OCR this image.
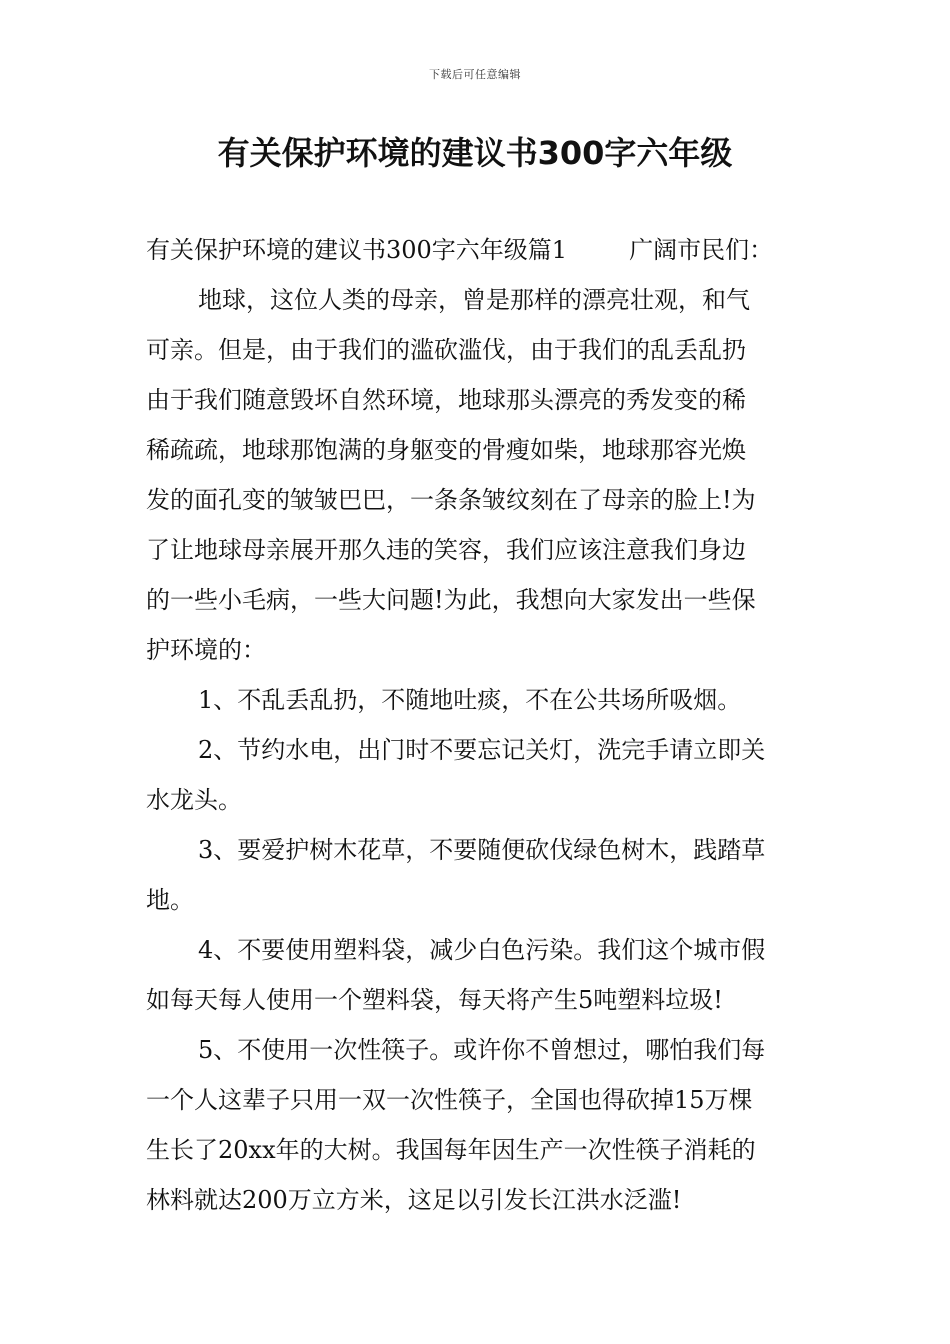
下载后可任意编辑
有关保护环境的建议书300字六年级
有关保护环境的建议书300字六年级篇1	广阔市民们：
地球，这位人类的母亲，曾是那样的漂亮壮观，和气
可亲。但是，由于我们的滥砍滥伐，由于我们的乱丢乱扔
由于我们随意毁坏自然环境，地球那头漂亮的秀发变的稀
稀疏疏，地球那饱满的身躯变的骨瘦如柴，地球那容光焕
发的面孔变的皱皱巴巴，一条条皱纹刻在了母亲的脸上!为
了让地球母亲展开那久违的笑容，我们应该注意我们身边
的一些小毛病，一些大问题!为此，我想向大家发出一些保
护环境的：
1、不乱丢乱扔，不随地吐痰，不在公共场所吸烟。
2、节约水电，出门时不要忘记关灯，洗完手请立即关
水龙头。
3、要爱护树木花草，不要随便砍伐绿色树木，践踏草
地。
4、不要使用塑料袋，减少白色污染。我们这个城市假
如每天每人使用一个塑料袋，每天将产生5吨塑料垃圾!
5、不使用一次性筷子。或许你不曾想过，哪怕我们每
一个人这辈子只用一双一次性筷子，全国也得砍掉15万棵
生长了20xx年的大树。我国每年因生产一次性筷子消耗的
林料就达200万立方米，这足以引发长江洪水泛滥!
